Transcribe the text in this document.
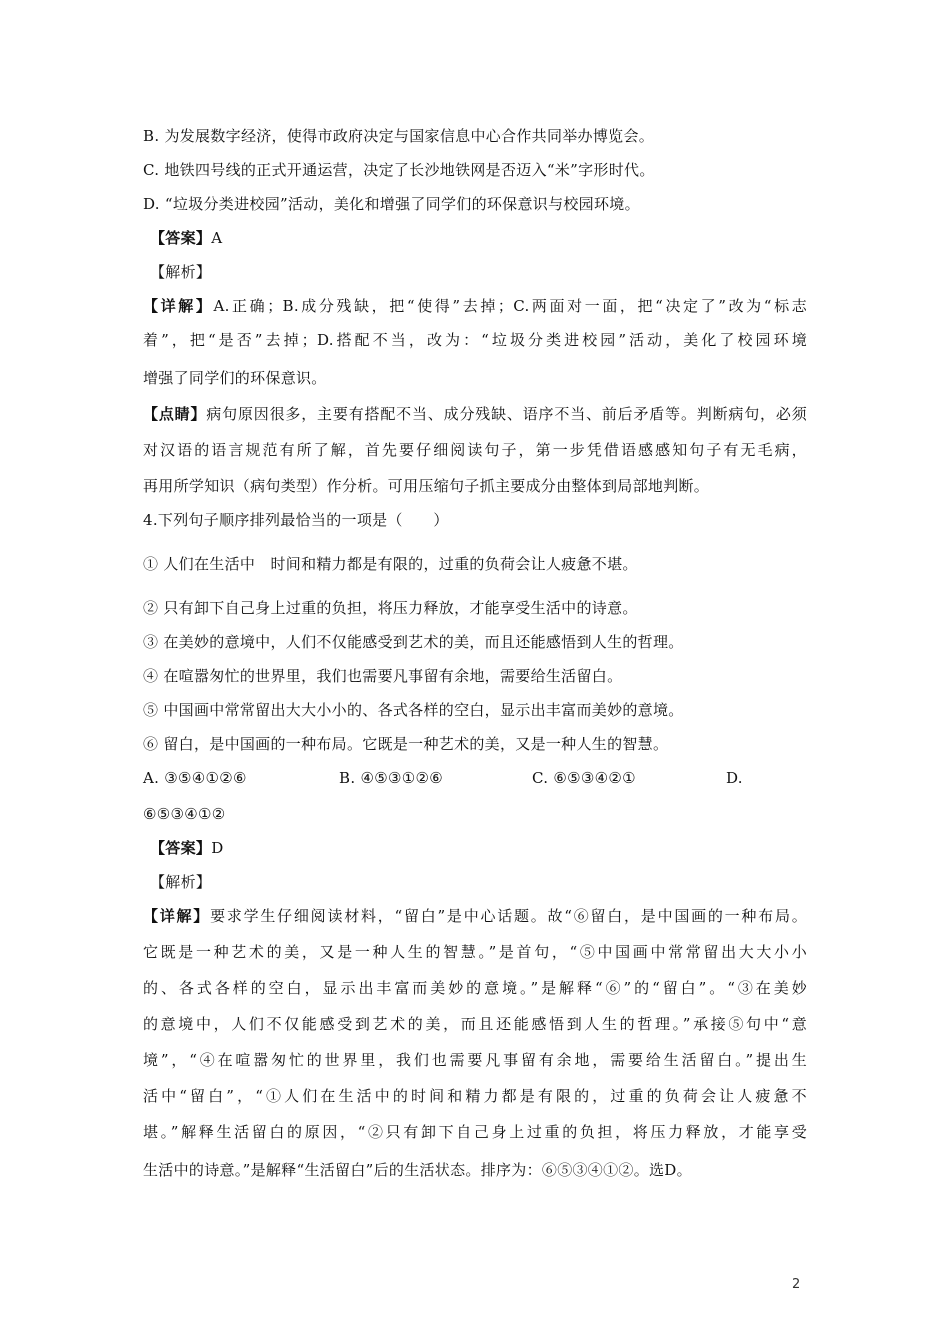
B. 为发展数字经济，使得市政府决定与国家信息中心合作共同举办博览会。
C. 地铁四号线的正式开通运营，决定了长沙地铁网是否迈入“米”字形时代。
D. “垃圾分类进校园”活动，美化和增强了同学们的环保意识与校园环境。
【答案】A
【解析】
【详解】A.正确；B.成分残缺，把“使得”去掉；C.两面对一面，把“决定了”改为“标志
着”，把“是否”去掉；D.搭配不当，改为：“垃圾分类进校园”活动，美化了校园环境
增强了同学们的环保意识。
【点睛】病句原因很多，主要有搭配不当、成分残缺、语序不当、前后矛盾等。判断病句，必须
对汉语的语言规范有所了解，首先要仔细阅读句子，第一步凭借语感感知句子有无毛病，
再用所学知识（病句类型）作分析。可用压缩句子抓主要成分由整体到局部地判断。
4.下列句子顺序排列最恰当的一项是（　　）
① 人们在生活中　时间和精力都是有限的，过重的负荷会让人疲惫不堪。
② 只有卸下自己身上过重的负担，将压力释放，才能享受生活中的诗意。
③ 在美妙的意境中，人们不仅能感受到艺术的美，而且还能感悟到人生的哲理。
④ 在喧嚣匆忙的世界里，我们也需要凡事留有余地，需要给生活留白。
⑤ 中国画中常常留出大大小小的、各式各样的空白，显示出丰富而美妙的意境。
⑥ 留白，是中国画的一种布局。它既是一种艺术的美，又是一种人生的智慧。
A. ③⑤④①②⑥	B. ④⑤③①②⑥	C. ⑥⑤③④②①	D.
⑥⑤③④①②
【答案】D
【解析】
【详解】要求学生仔细阅读材料，“留白”是中心话题。故“⑥留白，是中国画的一种布局。
它既是一种艺术的美，又是一种人生的智慧。”是首句，“⑤中国画中常常留出大大小小
的、各式各样的空白，显示出丰富而美妙的意境。”是解释“⑥”的“留白”。“③在美妙
的意境中，人们不仅能感受到艺术的美，而且还能感悟到人生的哲理。”承接⑤句中“意
境”，“④在喧嚣匆忙的世界里，我们也需要凡事留有余地，需要给生活留白。”提出生
活中“留白”，“①人们在生活中的时间和精力都是有限的，过重的负荷会让人疲惫不
堪。”解释生活留白的原因，“②只有卸下自己身上过重的负担，将压力释放，才能享受
生活中的诗意。”是解释“生活留白”后的生活状态。排序为：⑥⑤③④①②。选D。
2
